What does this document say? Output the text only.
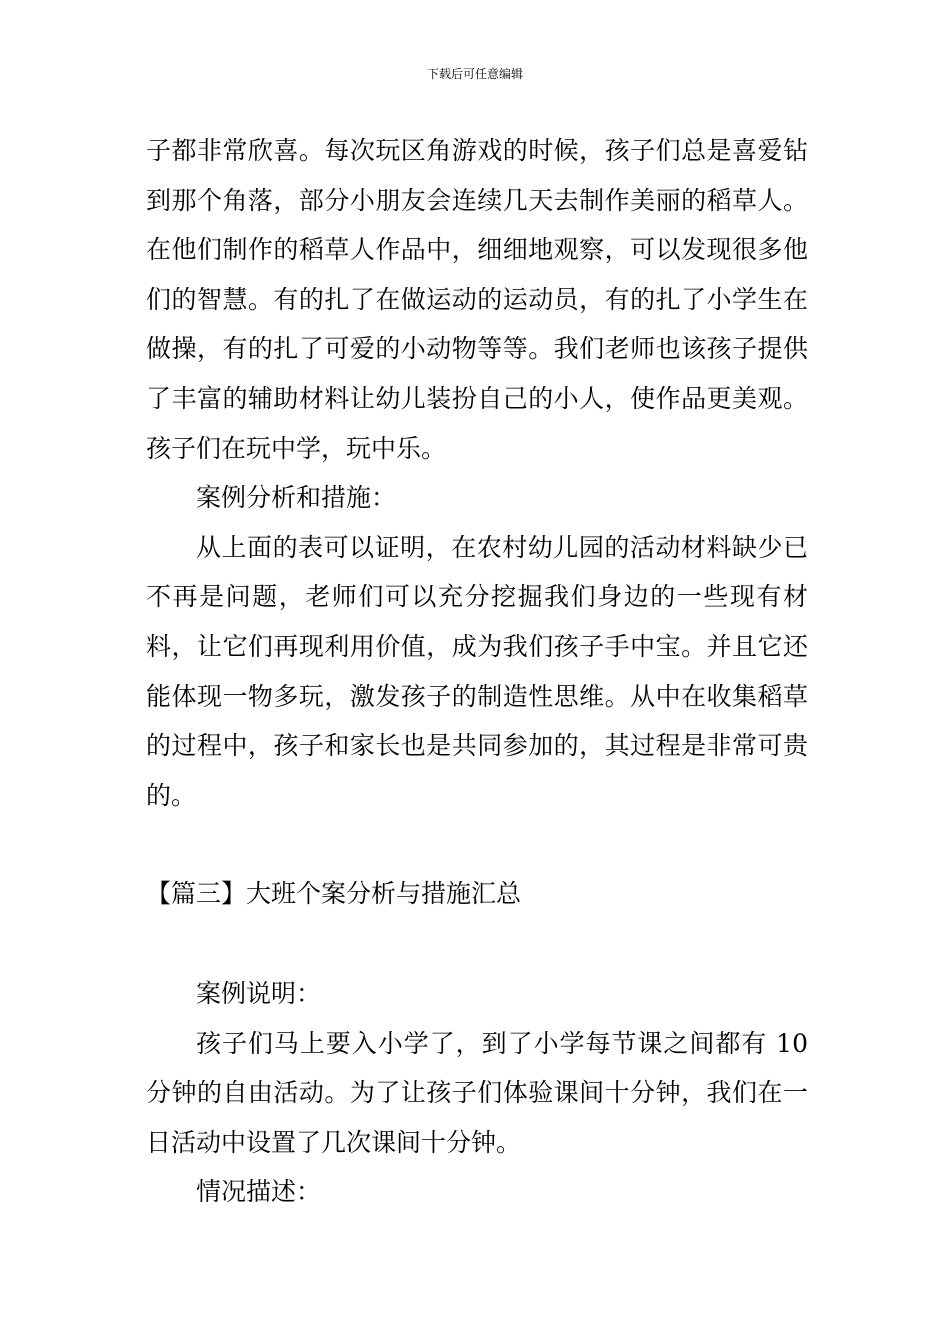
下载后可任意编辑

子都非常欣喜。每次玩区角游戏的时候，孩子们总是喜爱钻到那个角落，部分小朋友会连续几天去制作美丽的稻草人。在他们制作的稻草人作品中，细细地观察，可以发现很多他们的智慧。有的扎了在做运动的运动员，有的扎了小学生在做操，有的扎了可爱的小动物等等。我们老师也该孩子提供了丰富的辅助材料让幼儿装扮自己的小人，使作品更美观。孩子们在玩中学，玩中乐。

案例分析和措施：

从上面的表可以证明，在农村幼儿园的活动材料缺少已不再是问题，老师们可以充分挖掘我们身边的一些现有材料，让它们再现利用价值，成为我们孩子手中宝。并且它还能体现一物多玩，激发孩子的制造性思维。从中在收集稻草的过程中，孩子和家长也是共同参加的，其过程是非常可贵的。

【篇三】大班个案分析与措施汇总

案例说明：

孩子们马上要入小学了，到了小学每节课之间都有 10 分钟的自由活动。为了让孩子们体验课间十分钟，我们在一日活动中设置了几次课间十分钟。

情况描述：
